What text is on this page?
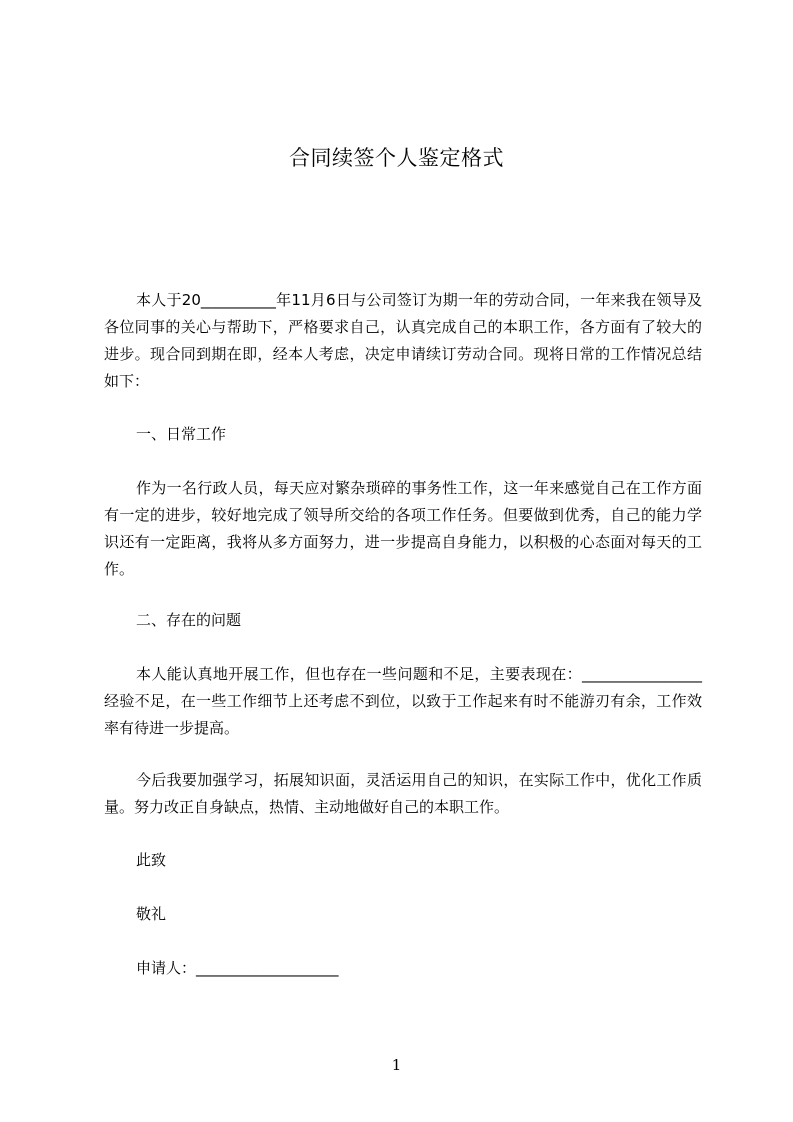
合同续签个人鉴定格式

本人于20__________年11月6日与公司签订为期一年的劳动合同，一年来我在领导及各位同事的关心与帮助下，严格要求自己，认真完成自己的本职工作，各方面有了较大的进步。现合同到期在即，经本人考虑，决定申请续订劳动合同。现将日常的工作情况总结如下：

一、日常工作

作为一名行政人员，每天应对繁杂琐碎的事务性工作，这一年来感觉自己在工作方面有一定的进步，较好地完成了领导所交给的各项工作任务。但要做到优秀，自己的能力学识还有一定距离，我将从多方面努力，进一步提高自身能力，以积极的心态面对每天的工作。

二、存在的问题

本人能认真地开展工作，但也存在一些问题和不足，主要表现在：________________经验不足，在一些工作细节上还考虑不到位，以致于工作起来有时不能游刃有余，工作效率有待进一步提高。

今后我要加强学习，拓展知识面，灵活运用自己的知识，在实际工作中，优化工作质量。努力改正自身缺点，热情、主动地做好自己的本职工作。

此致

敬礼

申请人：___________________

1
